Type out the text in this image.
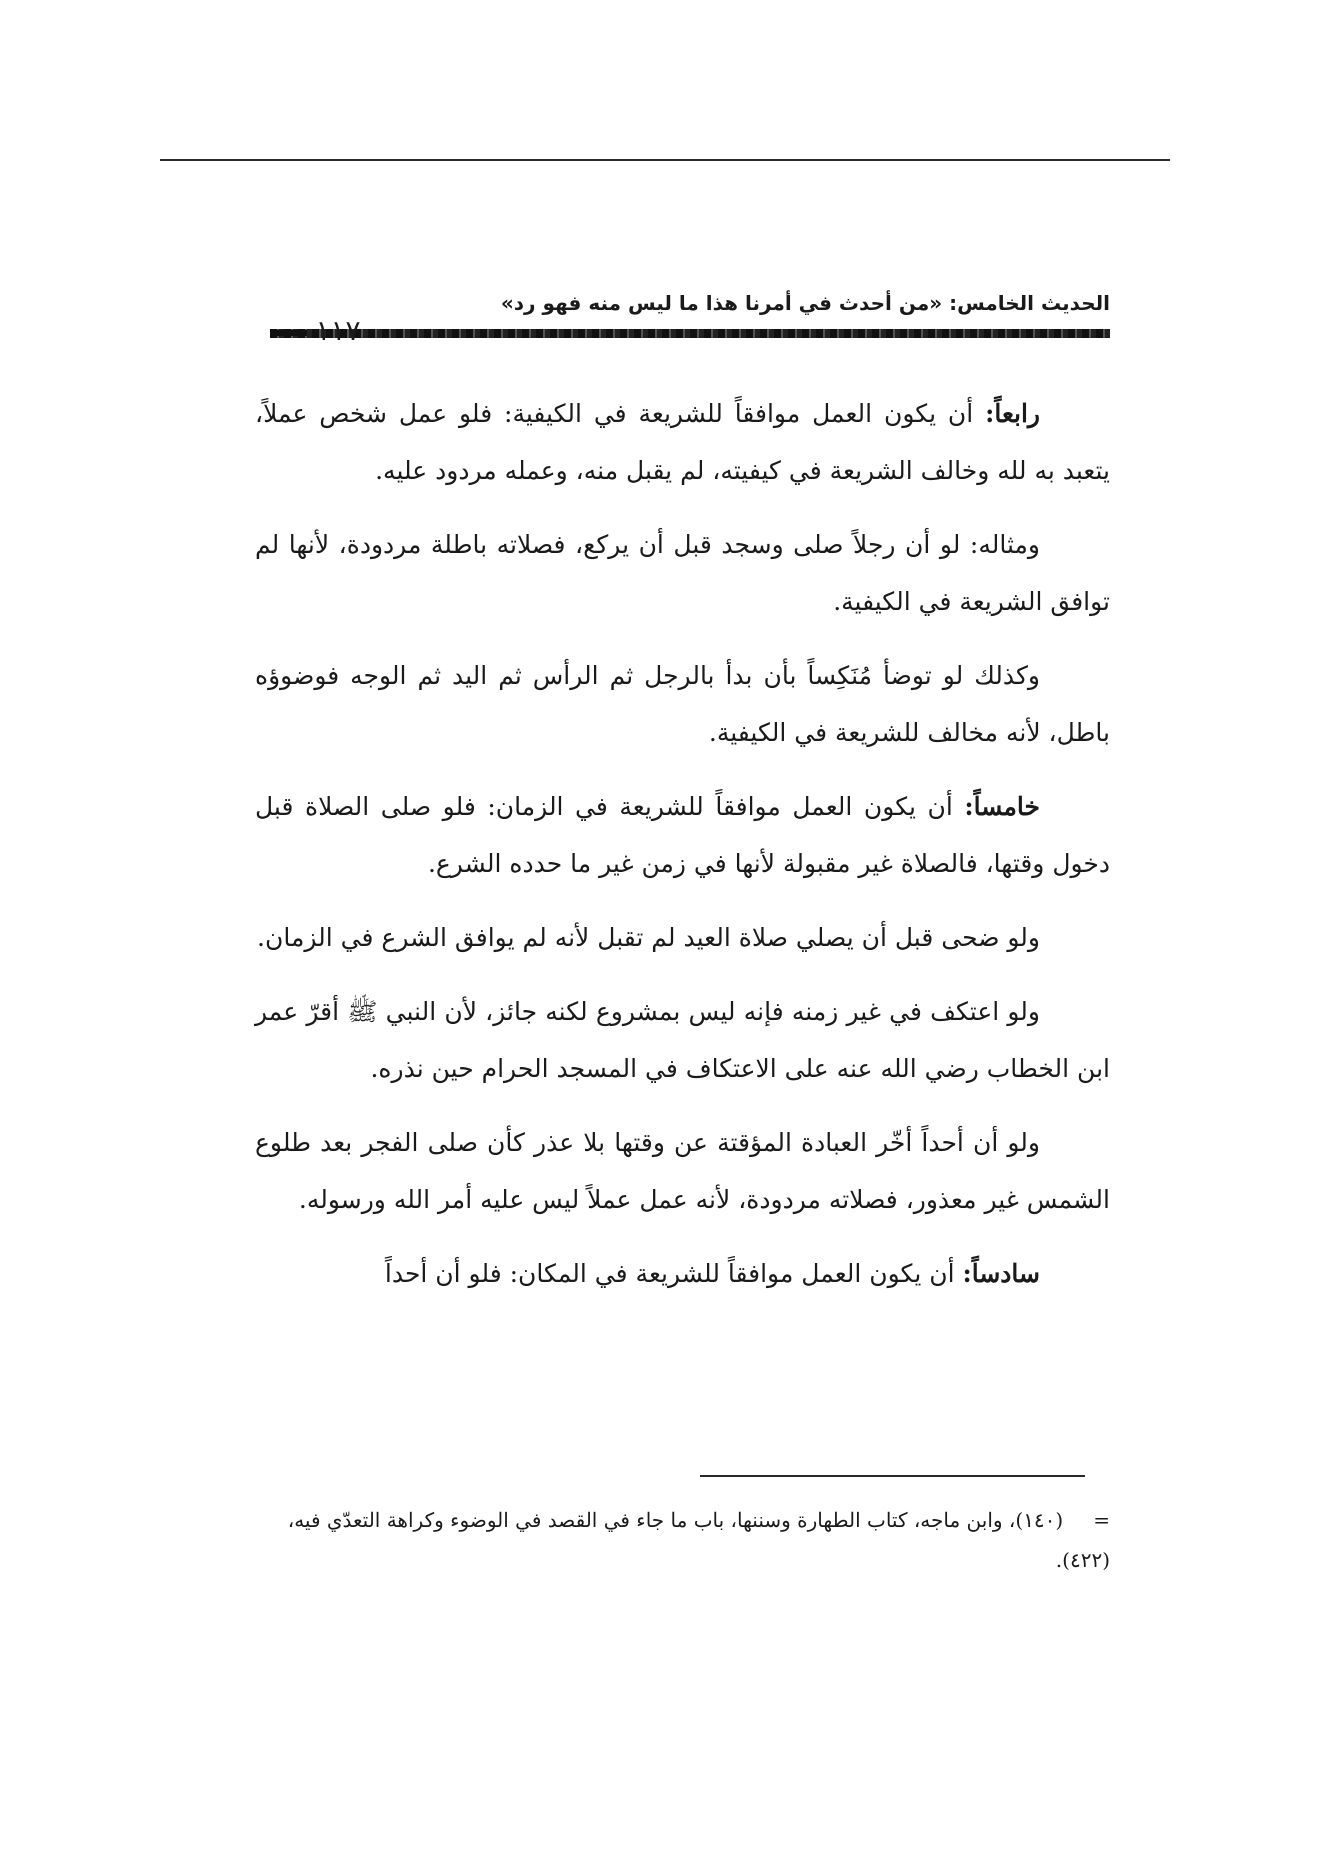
الحديث الخامس: «من أحدث في أمرنا هذا ما ليس منه فهو رد»
١١٧

رابعاً: أن يكون العمل موافقاً للشريعة في الكيفية: فلو عمل شخص عملاً، يتعبد به لله وخالف الشريعة في كيفيته، لم يقبل منه، وعمله مردود عليه.

ومثاله: لو أن رجلاً صلى وسجد قبل أن يركع، فصلاته باطلة مردودة، لأنها لم توافق الشريعة في الكيفية.

وكذلك لو توضأ مُنَكِساً بأن بدأ بالرجل ثم الرأس ثم اليد ثم الوجه فوضوؤه باطل، لأنه مخالف للشريعة في الكيفية.

خامساً: أن يكون العمل موافقاً للشريعة في الزمان: فلو صلى الصلاة قبل دخول وقتها، فالصلاة غير مقبولة لأنها في زمن غير ما حدده الشرع.

ولو ضحى قبل أن يصلي صلاة العيد لم تقبل لأنه لم يوافق الشرع في الزمان.

ولو اعتكف في غير زمنه فإنه ليس بمشروع لكنه جائز، لأن النبي ﷺ أقرّ عمر ابن الخطاب رضي الله عنه على الاعتكاف في المسجد الحرام حين نذره.

ولو أن أحداً أخّر العبادة المؤقتة عن وقتها بلا عذر كأن صلى الفجر بعد طلوع الشمس غير معذور، فصلاته مردودة، لأنه عمل عملاً ليس عليه أمر الله ورسوله.

سادساً: أن يكون العمل موافقاً للشريعة في المكان: فلو أن أحداً

=(١٤٠)، وابن ماجه، كتاب الطهارة وسننها، باب ما جاء في القصد في الوضوء وكراهة التعدّي فيه، (٤٢٢).
